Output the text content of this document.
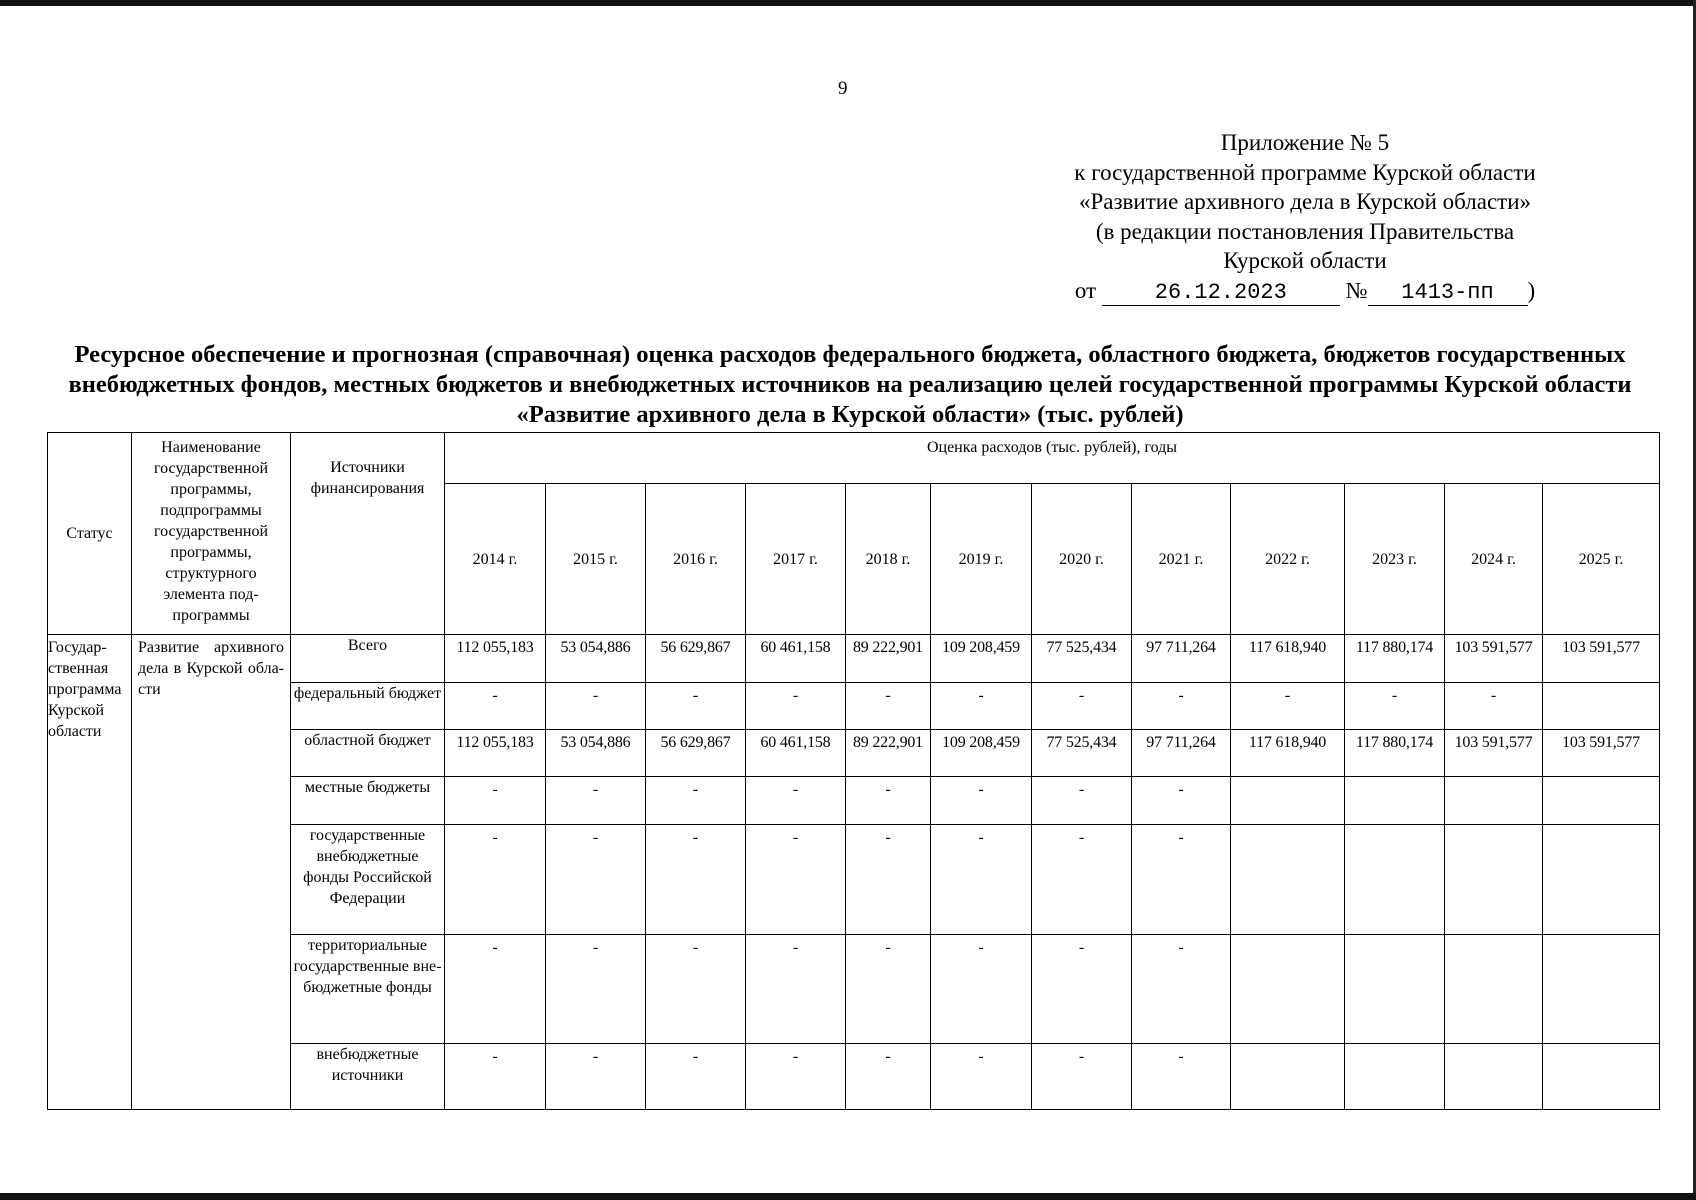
9
Приложение № 5
к государственной программе Курской области
«Развитие архивного дела в Курской области»
(в редакции постановления Правительства
Курской области
от	26.12.2023	№ 1413-пп )
Ресурсное обеспечение и прогнозная (справочная) оценка расходов федерального бюджета, областного бюджета, бюджетов государственных внебюджетных фондов, местных бюджетов и внебюджетных источников на реализацию целей государственной программы Курской области «Развитие архивного дела в Курской области» (тыс. рублей)
Статус	Наименование государственной программы, подпрограммы государственной программы, структурного элемента подпрограммы	Источники финансирования	Оценка расходов (тыс. рублей), годы											
			2014 г.	2015 г.	2016 г.	2017 г.	2018 г.	2019 г.	2020 г.	2021 г.	2022 г.	2023 г.	2024 г.	2025 г.
Государственная программа Курской области	Развитие архивного дела в Курской области	Всего	112 055,183	53 054,886	56 629,867	60 461,158	89 222,901	109 208,459	77 525,434	97 711,264	117 618,940	117 880,174	103 591,577	103 591,577
		федеральный бюджет	-	-	-	-	-	-	-	-	-	-	-	
		областной бюджет	112 055,183	53 054,886	56 629,867	60 461,158	89 222,901	109 208,459	77 525,434	97 711,264	117 618,940	117 880,174	103 591,577	103 591,577
		местные бюджеты	-	-	-	-	-	-	-	-				
		государственные внебюджетные фонды Российской Федерации	-	-	-	-	-	-	-	-				
		территориальные государственные внебюджетные фонды	-	-	-	-	-	-	-	-				
		внебюджетные источники	-	-	-	-	-	-	-	-				
